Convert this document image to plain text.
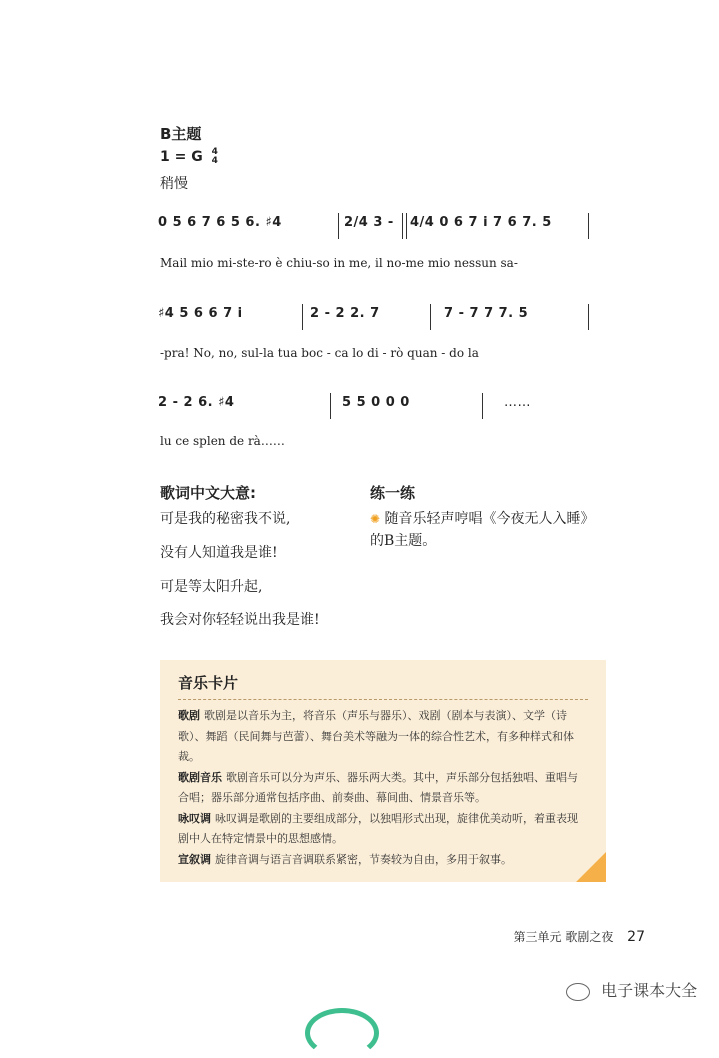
B主题
1 = G 4
4
稍慢
0 5 6 7 6 5 6. ♯4	2/4 3 - 4/4 0 6 7 i 7 6 7. 5
Mail mio mi-ste-ro è chiu-so in me, il no-me mio nessun sa-
♯4 5 6 6 7 i	2 - 2 2. 7	7 - 7 7 7. 5
-pra! No, no, sul-la tua boc - ca lo di - rò quan - do la
2 - 2 6. ♯4	5 5 0 0 0	……
lu ce splen de rà……
歌词中文大意:
可是我的秘密我不说,
没有人知道我是谁!
可是等太阳升起,
我会对你轻轻说出我是谁!
练一练
✺ 随音乐轻声哼唱《今夜无人入睡》
的B主题。
音乐卡片
歌剧 歌剧是以音乐为主，将音乐（声乐与器乐）、戏剧（剧本与表演）、文学（诗歌）、舞蹈（民间舞与芭蕾）、舞台美术等融为一体的综合性艺术，有多种样式和体裁。
歌剧音乐 歌剧音乐可以分为声乐、器乐两大类。其中，声乐部分包括独唱、重唱与合唱；器乐部分通常包括序曲、前奏曲、幕间曲、情景音乐等。
咏叹调 咏叹调是歌剧的主要组成部分，以独唱形式出现，旋律优美动听，着重表现剧中人在特定情景中的思想感情。
宣叙调 旋律音调与语言音调联系紧密，节奏较为自由，多用于叙事。
第三单元 歌剧之夜 27
电子课本大全
